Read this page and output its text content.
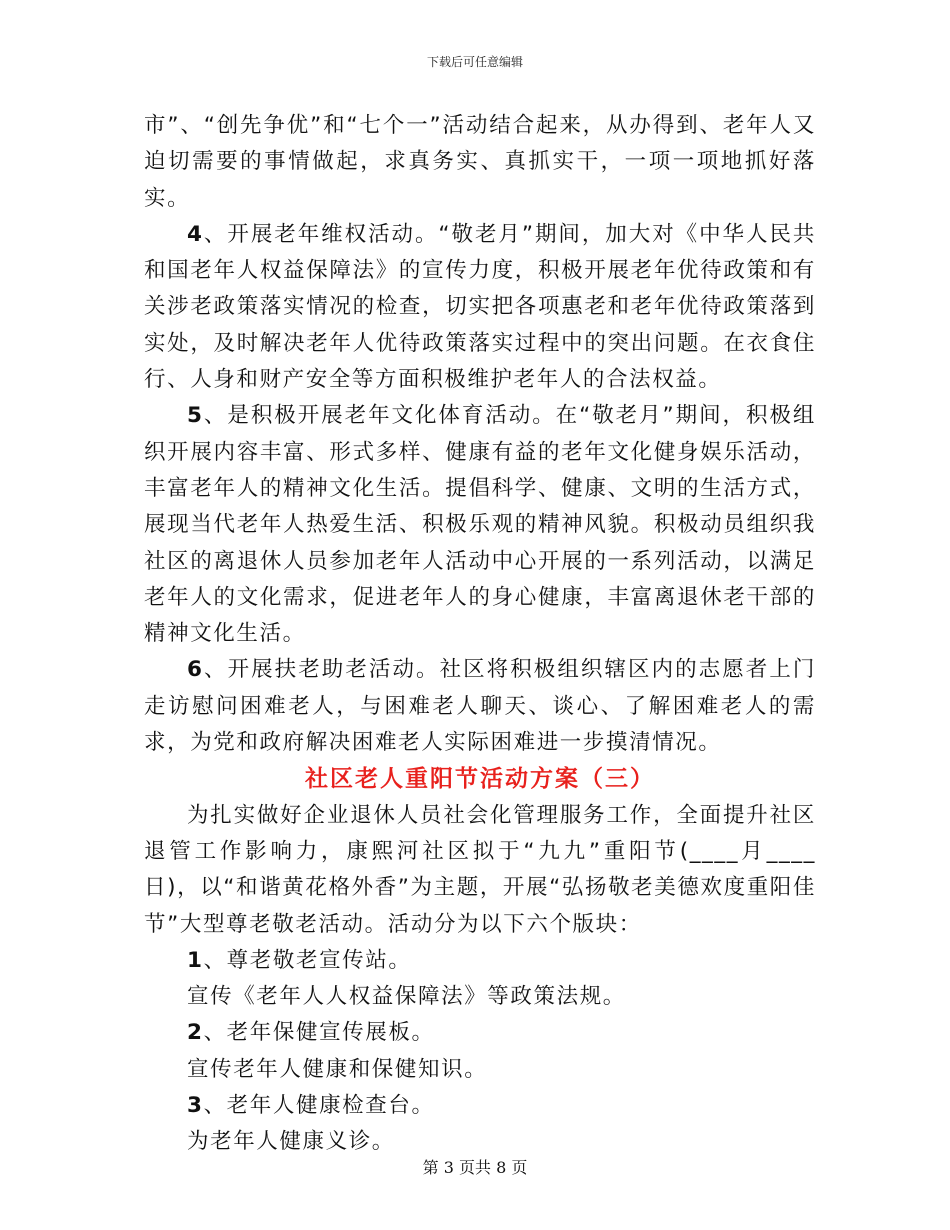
下载后可任意编辑

市”、“创先争优”和“七个一”活动结合起来，从办得到、老年人又迫切需要的事情做起，求真务实、真抓实干，一项一项地抓好落实。

4、开展老年维权活动。“敬老月”期间，加大对《中华人民共和国老年人权益保障法》的宣传力度，积极开展老年优待政策和有关涉老政策落实情况的检查，切实把各项惠老和老年优待政策落到实处，及时解决老年人优待政策落实过程中的突出问题。在衣食住行、人身和财产安全等方面积极维护老年人的合法权益。

5、是积极开展老年文化体育活动。在“敬老月”期间，积极组织开展内容丰富、形式多样、健康有益的老年文化健身娱乐活动，丰富老年人的精神文化生活。提倡科学、健康、文明的生活方式，展现当代老年人热爱生活、积极乐观的精神风貌。积极动员组织我社区的离退休人员参加老年人活动中心开展的一系列活动，以满足老年人的文化需求，促进老年人的身心健康，丰富离退休老干部的精神文化生活。

6、开展扶老助老活动。社区将积极组织辖区内的志愿者上门走访慰问困难老人，与困难老人聊天、谈心、了解困难老人的需求，为党和政府解决困难老人实际困难进一步摸清情况。

社区老人重阳节活动方案（三）

为扎实做好企业退休人员社会化管理服务工作，全面提升社区退管工作影响力，康熙河社区拟于“九九”重阳节(____月____日)，以“和谐黄花格外香”为主题，开展“弘扬敬老美德欢度重阳佳节”大型尊老敬老活动。活动分为以下六个版块：

1、尊老敬老宣传站。

宣传《老年人人权益保障法》等政策法规。

2、老年保健宣传展板。

宣传老年人健康和保健知识。

3、老年人健康检查台。

为老年人健康义诊。

第 3 页共 8 页
